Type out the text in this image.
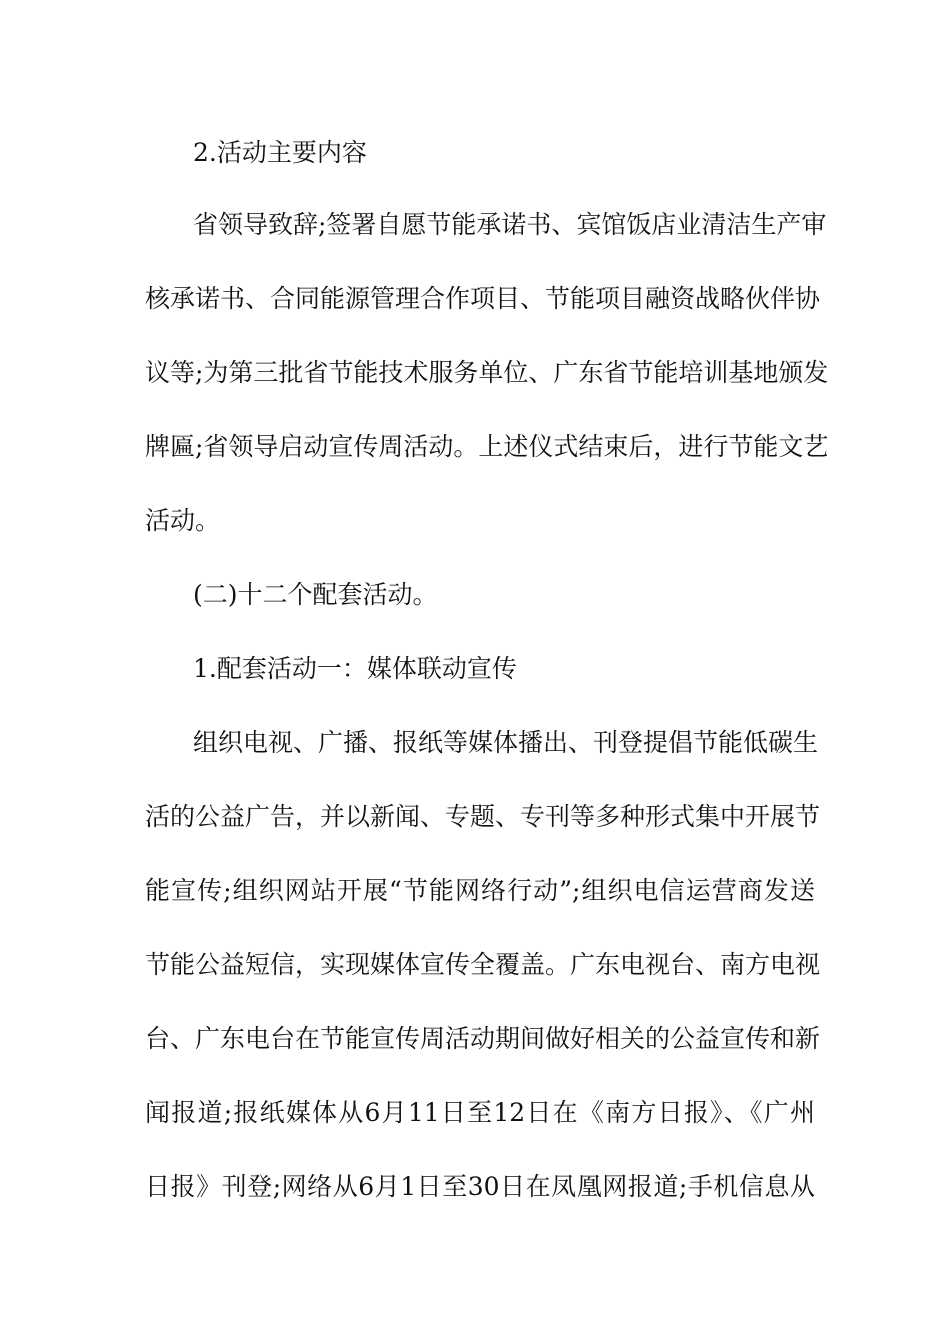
2.活动主要内容
省领导致辞;签署自愿节能承诺书、宾馆饭店业清洁生产审
核承诺书、合同能源管理合作项目、节能项目融资战略伙伴协
议等;为第三批省节能技术服务单位、广东省节能培训基地颁发
牌匾;省领导启动宣传周活动。上述仪式结束后，进行节能文艺
活动。
(二)十二个配套活动。
1.配套活动一：媒体联动宣传
组织电视、广播、报纸等媒体播出、刊登提倡节能低碳生
活的公益广告，并以新闻、专题、专刊等多种形式集中开展节
能宣传;组织网站开展“节能网络行动”;组织电信运营商发送
节能公益短信，实现媒体宣传全覆盖。广东电视台、南方电视
台、广东电台在节能宣传周活动期间做好相关的公益宣传和新
闻报道;报纸媒体从6月11日至12日在《南方日报》、《广州
日报》刊登;网络从6月1日至30日在凤凰网报道;手机信息从
